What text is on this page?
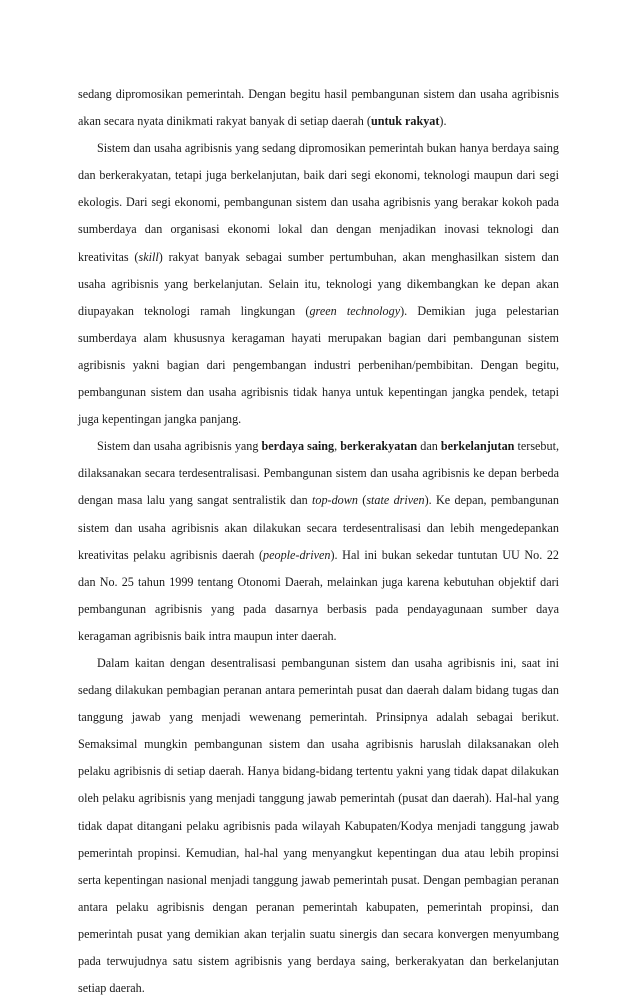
sedang dipromosikan pemerintah. Dengan begitu hasil pembangunan sistem dan usaha agribisnis akan secara nyata dinikmati rakyat banyak di setiap daerah (untuk rakyat).

Sistem dan usaha agribisnis yang sedang dipromosikan pemerintah bukan hanya berdaya saing dan berkerakyatan, tetapi juga berkelanjutan, baik dari segi ekonomi, teknologi maupun dari segi ekologis. Dari segi ekonomi, pembangunan sistem dan usaha agribisnis yang berakar kokoh pada sumberdaya dan organisasi ekonomi lokal dan dengan menjadikan inovasi teknologi dan kreativitas (skill) rakyat banyak sebagai sumber pertumbuhan, akan menghasilkan sistem dan usaha agribisnis yang berkelanjutan. Selain itu, teknologi yang dikembangkan ke depan akan diupayakan teknologi ramah lingkungan (green technology). Demikian juga pelestarian sumberdaya alam khususnya keragaman hayati merupakan bagian dari pembangunan sistem agribisnis yakni bagian dari pengembangan industri perbenihan/pembibitan. Dengan begitu, pembangunan sistem dan usaha agribisnis tidak hanya untuk kepentingan jangka pendek, tetapi juga kepentingan jangka panjang.

Sistem dan usaha agribisnis yang berdaya saing, berkerakyatan dan berkelanjutan tersebut, dilaksanakan secara terdesentralisasi. Pembangunan sistem dan usaha agribisnis ke depan berbeda dengan masa lalu yang sangat sentralistik dan top-down (state driven). Ke depan, pembangunan sistem dan usaha agribisnis akan dilakukan secara terdesentralisasi dan lebih mengedepankan kreativitas pelaku agribisnis daerah (people-driven). Hal ini bukan sekedar tuntutan UU No. 22 dan No. 25 tahun 1999 tentang Otonomi Daerah, melainkan juga karena kebutuhan objektif dari pembangunan agribisnis yang pada dasarnya berbasis pada pendayagunaan sumber daya keragaman agribisnis baik intra maupun inter daerah.

Dalam kaitan dengan desentralisasi pembangunan sistem dan usaha agribisnis ini, saat ini sedang dilakukan pembagian peranan antara pemerintah pusat dan daerah dalam bidang tugas dan tanggung jawab yang menjadi wewenang pemerintah. Prinsipnya adalah sebagai berikut. Semaksimal mungkin pembangunan sistem dan usaha agribisnis haruslah dilaksanakan oleh pelaku agribisnis di setiap daerah. Hanya bidang-bidang tertentu yakni yang tidak dapat dilakukan oleh pelaku agribisnis yang menjadi tanggung jawab pemerintah (pusat dan daerah). Hal-hal yang tidak dapat ditangani pelaku agribisnis pada wilayah Kabupaten/Kodya menjadi tanggung jawab pemerintah propinsi. Kemudian, hal-hal yang menyangkut kepentingan dua atau lebih propinsi serta kepentingan nasional menjadi tanggung jawab pemerintah pusat. Dengan pembagian peranan antara pelaku agribisnis dengan peranan pemerintah kabupaten, pemerintah propinsi, dan pemerintah pusat yang demikian akan terjalin suatu sinergis dan secara konvergen menyumbang pada terwujudnya satu sistem agribisnis yang berdaya saing, berkerakyatan dan berkelanjutan setiap daerah.
